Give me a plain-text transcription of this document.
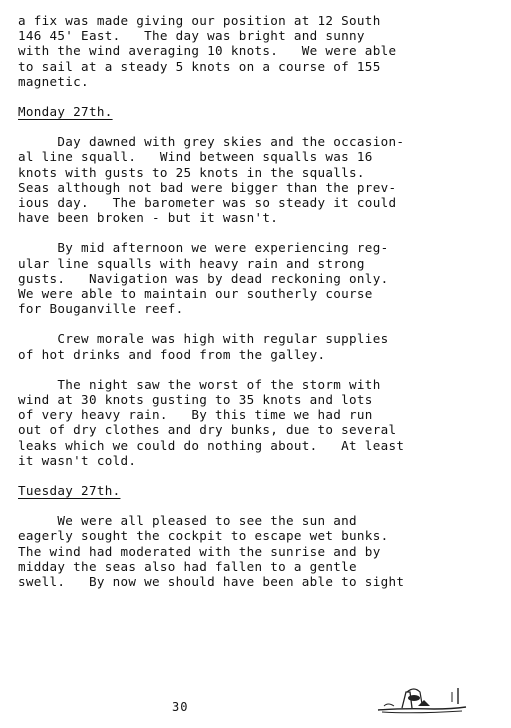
a fix was made giving our position at 12 South
146 45' East.   The day was bright and sunny
with the wind averaging 10 knots.   We were able
to sail at a steady 5 knots on a course of 155
magnetic.
Monday 27th.
Day dawned with grey skies and the occasion-
al line squall.   Wind between squalls was 16
knots with gusts to 25 knots in the squalls.
Seas although not bad were bigger than the prev-
ious day.   The barometer was so steady it could
have been broken - but it wasn't.
By mid afternoon we were experiencing reg-
ular line squalls with heavy rain and strong
gusts.   Navigation was by dead reckoning only.
We were able to maintain our southerly course
for Bouganville reef.
Crew morale was high with regular supplies
of hot drinks and food from the galley.
The night saw the worst of the storm with
wind at 30 knots gusting to 35 knots and lots
of very heavy rain.   By this time we had run
out of dry clothes and dry bunks, due to several
leaks which we could do nothing about.   At least
it wasn't cold.
Tuesday 27th.
We were all pleased to see the sun and
eagerly sought the cockpit to escape wet bunks.
The wind had moderated with the sunrise and by
midday the seas also had fallen to a gentle
swell.   By now we should have been able to sight
30
